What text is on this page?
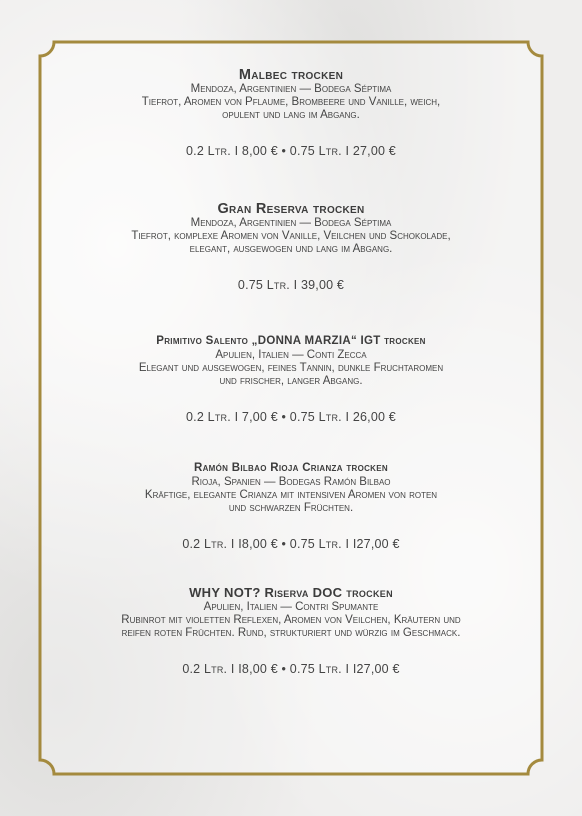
Malbec trocken
Mendoza, Argentinien — Bodega Séptima
Tiefrot, Aromen von Pflaume, Brombeere und Vanille, weich,
opulent und lang im Abgang.
0.2 Ltr. I 8,00 € • 0.75 Ltr. I 27,00 €
Gran Reserva trocken
Mendoza, Argentinien — Bodega Séptima
Tiefrot, komplexe Aromen von Vanille, Veilchen und Schokolade,
elegant, ausgewogen und lang im Abgang.
0.75 Ltr. I 39,00 €
Primitivo Salento „DONNA MARZIA“ IGT trocken
Apulien, Italien — Conti Zecca
Elegant und ausgewogen, feines Tannin, dunkle Fruchtaromen
und frischer, langer Abgang.
0.2 Ltr. I 7,00 € • 0.75 Ltr. I 26,00 €
Ramón Bilbao Rioja Crianza trocken
Rioja, Spanien — Bodegas Ramón Bilbao
Kräftige, elegante Crianza mit intensiven Aromen von roten
und schwarzen Früchten.
0.2 Ltr. I I8,00 € • 0.75 Ltr. I I27,00 €
WHY NOT? Riserva DOC trocken
Apulien, Italien — Contri Spumante
Rubinrot mit violetten Reflexen, Aromen von Veilchen, Kräutern und
reifen roten Früchten. Rund, strukturiert und würzig im Geschmack.
0.2 Ltr. I I8,00 € • 0.75 Ltr. I I27,00 €
